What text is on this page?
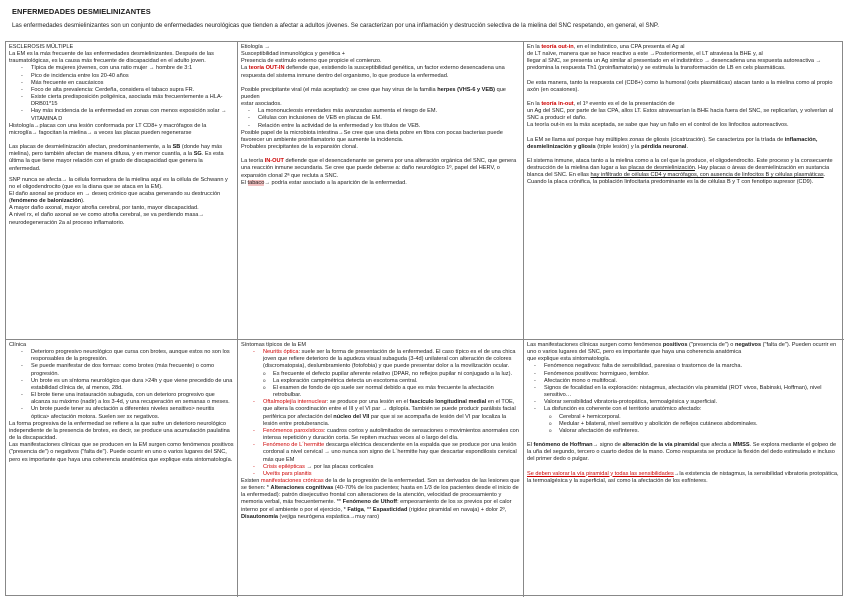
ENFERMEDADES DESMIELINIZANTES
Las enfermedades desmielinizantes son un conjunto de enfermedades neurológicas que tienden a afectar a adultos jóvenes. Se caracterizan por una inflamación y destrucción selectiva de la mielina del SNC respetando, en general, el SNP.

ESCLEROSIS MÚLTIPLE

La EM es la más frecuente de las enfermedades desmielinizantes. Después de las traumatológicas, es la causa más frecuente de discapacidad en el adulto joven.

- Típica de mujeres jóvenes, con una ratio mujer → hombre de 3:1
- Pico de incidencia entre los 20-40 años
- Más frecuente en caucásicos
- Foco de alta prevalencia: Cerdeña, considera el tabaco supra FR.
- Existe cierta predisposición poligénica, asociada más frecuentemente a HLA-DRB01*15
- Hay más incidencia de la enfermedad en zonas con menos exposición solar → VITAMINA D

Histología→placas con una lesión conformada por LT CD8+ y macrófagos de la microglía→ fagocitan la mielina→ a veces las placas pueden regenerarse

Las placas de desmielinización afectan, predominantemente, a la SB (donde hay más mielina), pero también afectan de manera difusa, y en menor cuantía, a la SG. Es esta última la que tiene mayor relación con el grado de discapacidad que genera la enfermedad.

SNP nunca se afecta→ la célula formadora de la mielina aquí es la célula de Schwann y no el oligodendrocito (que es la diana que se ataca en la EM).

El daño axonal se produce en → deseq crónico que acaba generando su destrucción (fenómeno de balonización).

A mayor daño axonal, mayor atrofia cerebral, por tanto, mayor discapacidad.

A nivel rx, el daño axonal se ve como atrofia cerebral, se va perdiendo masa→ neurodegeneración 2a al proceso inflamatorio.

Etiología →

Susceptibilidad inmunológica y genética +

Presencia de estímulo externo que propicie el comienzo.

La teoría OUT-IN defiende que, existiendo la susceptibilidad genética, un factor externo desencadena una respuesta del sistema inmune dentro del organismo, lo que produce la enfermedad.

Posible precipitante viral (el más aceptado): se cree que hay virus de la familia herpes (VHS-6 y VEB) que pueden
estar asociados.

- La mononucleosis enredades más avanzadas aumenta el riesgo de EM.
- Células con inclusiones de VEB en placas de EM.
- Relación entre la actividad de la enfermedad y los títulos de VEB.

Posible papel de la microbiota intestina→Se cree que una dieta pobre en fibra con pocas bacterias puede favorecer un ambiente proinflamatorio que aumente la incidencia.

Probables precipitantes de la expansión clonal.

La teoría IN-OUT defiende que el desencadenante se genera por una alteración orgánica del SNC, que genera una reacción inmune secundaria. Se cree que puede deberse a: daño neurológico 1º, papel del HERV, o expansión clonal 2ª que recluta a SNC.

El tabaco→ podría estar asociado a la aparición de la enfermedad.

En la teoría out-in, en el indistintico, una CPA presenta el Ag al
de LT naïve, manera que se hace reactivo a este →Posteriormente, el LT atraviesa la BHE y, al
llegar al SNC, se presenta un Ag similar al presentado en el indistintico → desencadena una respuesta autoreactiva → predomina la respuesta Th1 (proinflamatoria) y se estimula la transformación de LB en cels plasmáticas.

De esta manera, tanto la respuesta cel (CD8+) como la humoral (cels plasmáticas) atacan tanto a la mielina como al propio axón (en ocasiones).

En la teoría in-out, el 1º evento es el de la presentación de
un Ag del SNC, por parte de las CPA, allos LT. Estos atravesarían la BHE hacia fuera del SNC, se replicarían, y volverían al SNC a producir el daño.
La teoría out-in es la más aceptada, se sabe que hay un fallo en el control de los linfocitos autorreactivos.

La EM se llama así porque hay múltiples zonas de gliosis (cicatrización). Se caracteriza por la tríada de inflamación, desmielinización y gliosis (triple lesión) y la pérdida neuronal.

El sistema inmune, ataca tanto a la mielina como a la cel que la produce, el oligodendrocito. Este proceso y la consecuente destrucción de la mielina dan lugar a las placas de desmielinización. Hay placas o áreas de desmielinización en sustancia blanca del SNC. En ellas hay infiltrado de células CD4 y macrófagos, con ausencia de linfocitos B y células plasmáticas. Cuando la placa crónifica, la población linfocitaria predominante es la de células B y T con fenotipo supresor (CD9).

Clínica

- Deterioro progresivo neurológico que cursa con brotes, aunque estos no son los responsables de la progresión.
- Se puede manifestar de dos formas: como brotes (más frecuente) o como progresión.
- Un brote es un síntoma neurológico que dura >24h y que viene precedido de una estabilidad clínica de, al menos, 28d.
- El brote tiene una instauración subaguda, con un deterioro progresivo que alcanza su máximo (nadir) a los 3-4d, y una recuperación en semanas o meses.
- Un brote puede tener su afectación a diferentes niveles sensitivo> neuritis óptica> afectación motora. Suelen ser sx negativos.

La forma progresiva de la enfermedad se refiere a la que sufre un deterioro neurológico independiente de la presencia de brotes, es decir, se produce una acumulación paulatina de la discapacidad.

Las manifestaciones clínicas que se producen en la EM surgen como fenómenos positivos ("presencia de") o negativos ("falta de"). Puede ocurrir en uno o varios lugares del SNC, pero es importante que haya una coherencia anatómica que explique esta sintomatología.

Síntomas típicos de la EM

- Neuritis óptica: suele ser la forma de presentación de la enfermedad. El caso típico es el de una chica joven que refiere deterioro de la agudeza visual subaguda (3-4d) unilateral con alteración de colores (discromatopsia), deslumbramiento (fotofobia) y que puede presentar dolor a la movilización ocular.
o Es frecuente el defecto pupilar aferente relativo (DPAR, no reflejos pupilar ni conjugado a la luz).
o La exploración campimétrica detecta un escotoma central.
o El examen de fondo de ojo suele ser normal debido a que es más frecuente la afectación retrobulbar.
- Oftalmoplejía internuclear: se produce por una lesión en el fascículo longitudinal medial en el TOE, que altera la coordinación entre el III y el VI par → diplopía. También se puede producir parálisis facial periférica por afectación del núcleo del VII par que si se acompaña de lesión del VI par localiza la lesión entre protuberancia.
- Fenómenos paroxísticos: cuadros cortos y autolimitados de sensaciones o movimientos anormales con intensa repetición y duración corta. Se repiten muchas veces al o largo del día.
- Fenómeno de L´hermitte descarga eléctrica descendente en la espalda que se produce por una lesión cordonal a nivel cervical → uno nunca son signo de L´hermitte hay que descartar espondilosis cervical más que EM
- Crisis epilépticas → por las placas corticales
- Uveítis pars planitis

Existen manifestaciones crónicas de la de la progresión de la enfermedad. Son sx derivados de las lesiones que se tienen: * Alteraciones cognitivas (40-70% de los pacientes; hasta en 1/3 de los pacientes desde el inicio de la enfermedad): patrón disejecutivo frontal con alteraciones de la atención, velocidad de procesamiento y
memoria verbal, más frecuentemente. ** Fenómeno de Uthoff: empeoramiento de los sx previos por el calor interno por el ambiente o por el ejercicio, * Fatiga, ** Espasticidad (rigidez piramidal en navaja) + dolor 2º, Disautonomía (vejiga neurógena espástica→muy raro)

Las manifestaciones clínicas surgen como fenómenos positivos ("presencia de") o negativos ("falta de"). Pueden ocurrir en uno o varios lugares del SNC, pero es importante que haya una coherencia anatómica
que explique esta sintomatología.

- Fenómenos negativos: falta de sensibilidad, paresias o trastornos de la marcha.
- Fenómenos positivos: hormigueo, temblor.
- Afectación mono o multifocal.
- Signos de focalidad en la exploración: nistagmus, afectación vía piramidal (ROT vivos, Babinski, Hoffman), nivel sensitivo…
- Valorar sensibilidad vibratoria-protopática, termoalgésica y superficial.
- La disfunción es coherente con el territorio anatómico afectado:
o Cerebral + hemicorporal.
o Medular + bilateral, nivel sensitivo y abolición de reflejos cutáneos abdominales.
o Valorar afectación de esfínteres.

El fenómeno de Hoffman→ signo de alteración de la vía piramidal que afecta a MMSS. Se explora mediante el golpeo de la uña del segundo, tercero o cuarto dedos de la mano. Como respuesta se produce la flexión del dedo estimulado e incluso del primer dedo o pulgar.

Se deben valorar la vía piramidal y todas las sensibilidades→la existencia de nistagmus, la sensibilidad vibratoria protopática, la termoalgésica y la superficial, así como la afectación de los esfínteres.
